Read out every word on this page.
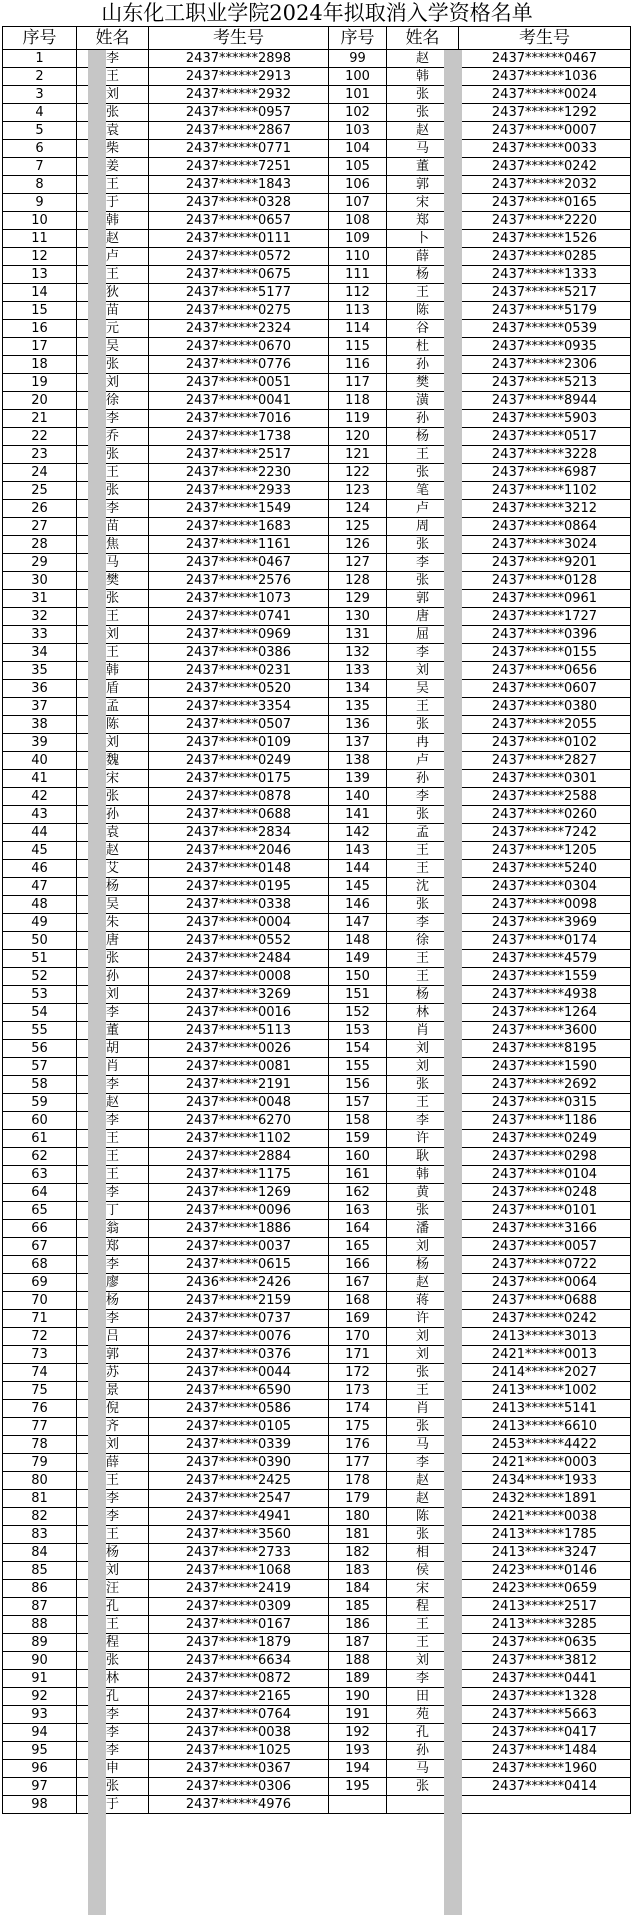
山东化工职业学院2024年拟取消入学资格名单
序号	姓名	考生号	序号	姓名	考生号
1	李	2437******2898	99	赵	2437******0467
2	王	2437******2913	100	韩	2437******1036
3	刘	2437******2932	101	张	2437******0024
4	张	2437******0957	102	张	2437******1292
5	袁	2437******2867	103	赵	2437******0007
6	柴	2437******0771	104	马	2437******0033
7	姜	2437******7251	105	董	2437******0242
8	王	2437******1843	106	郭	2437******2032
9	于	2437******0328	107	宋	2437******0165
10	韩	2437******0657	108	郑	2437******2220
11	赵	2437******0111	109	卜	2437******1526
12	卢	2437******0572	110	薛	2437******0285
13	王	2437******0675	111	杨	2437******1333
14	狄	2437******5177	112	王	2437******5217
15	苗	2437******0275	113	陈	2437******5179
16	元	2437******2324	114	谷	2437******0539
17	吴	2437******0670	115	杜	2437******0935
18	张	2437******0776	116	孙	2437******2306
19	刘	2437******0051	117	樊	2437******5213
20	徐	2437******0041	118	潢	2437******8944
21	李	2437******7016	119	孙	2437******5903
22	乔	2437******1738	120	杨	2437******0517
23	张	2437******2517	121	王	2437******3228
24	王	2437******2230	122	张	2437******6987
25	张	2437******2933	123	笔	2437******1102
26	李	2437******1549	124	卢	2437******3212
27	苗	2437******1683	125	周	2437******0864
28	焦	2437******1161	126	张	2437******3024
29	马	2437******0467	127	李	2437******9201
30	樊	2437******2576	128	张	2437******0128
31	张	2437******1073	129	郭	2437******0961
32	王	2437******0741	130	唐	2437******1727
33	刘	2437******0969	131	屈	2437******0396
34	王	2437******0386	132	李	2437******0155
35	韩	2437******0231	133	刘	2437******0656
36	盾	2437******0520	134	吴	2437******0607
37	孟	2437******3354	135	王	2437******0380
38	陈	2437******0507	136	张	2437******2055
39	刘	2437******0109	137	冉	2437******0102
40	魏	2437******0249	138	卢	2437******2827
41	宋	2437******0175	139	孙	2437******0301
42	张	2437******0878	140	李	2437******2588
43	孙	2437******0688	141	张	2437******0260
44	袁	2437******2834	142	孟	2437******7242
45	赵	2437******2046	143	王	2437******1205
46	艾	2437******0148	144	王	2437******5240
47	杨	2437******0195	145	沈	2437******0304
48	吴	2437******0338	146	张	2437******0098
49	朱	2437******0004	147	李	2437******3969
50	唐	2437******0552	148	徐	2437******0174
51	张	2437******2484	149	王	2437******4579
52	孙	2437******0008	150	王	2437******1559
53	刘	2437******3269	151	杨	2437******4938
54	李	2437******0016	152	林	2437******1264
55	董	2437******5113	153	肖	2437******3600
56	胡	2437******0026	154	刘	2437******8195
57	肖	2437******0081	155	刘	2437******1590
58	李	2437******2191	156	张	2437******2692
59	赵	2437******0048	157	王	2437******0315
60	李	2437******6270	158	李	2437******1186
61	王	2437******1102	159	许	2437******0249
62	王	2437******2884	160	耿	2437******0298
63	王	2437******1175	161	韩	2437******0104
64	李	2437******1269	162	黄	2437******0248
65	丁	2437******0096	163	张	2437******0101
66	翁	2437******1886	164	潘	2437******3166
67	郑	2437******0037	165	刘	2437******0057
68	李	2437******0615	166	杨	2437******0722
69	廖	2436******2426	167	赵	2437******0064
70	杨	2437******2159	168	蒋	2437******0688
71	李	2437******0737	169	许	2437******0242
72	吕	2437******0076	170	刘	2413******3013
73	郭	2437******0376	171	刘	2421******0013
74	苏	2437******0044	172	张	2414******2027
75	景	2437******6590	173	王	2413******1002
76	倪	2437******0586	174	肖	2413******5141
77	齐	2437******0105	175	张	2413******6610
78	刘	2437******0339	176	马	2453******4422
79	薛	2437******0390	177	李	2421******0003
80	王	2437******2425	178	赵	2434******1933
81	李	2437******2547	179	赵	2432******1891
82	李	2437******4941	180	陈	2421******0038
83	王	2437******3560	181	张	2413******1785
84	杨	2437******2733	182	相	2413******3247
85	刘	2437******1068	183	侯	2423******0146
86	汪	2437******2419	184	宋	2423******0659
87	孔	2437******0309	185	程	2413******2517
88	王	2437******0167	186	王	2413******3285
89	程	2437******1879	187	王	2437******0635
90	张	2437******6634	188	刘	2437******3812
91	林	2437******0872	189	李	2437******0441
92	孔	2437******2165	190	田	2437******1328
93	李	2437******0764	191	苑	2437******5663
94	李	2437******0038	192	孔	2437******0417
95	李	2437******1025	193	孙	2437******1484
96	申	2437******0367	194	马	2437******1960
97	张	2437******0306	195	张	2437******0414
98	于	2437******4976			
